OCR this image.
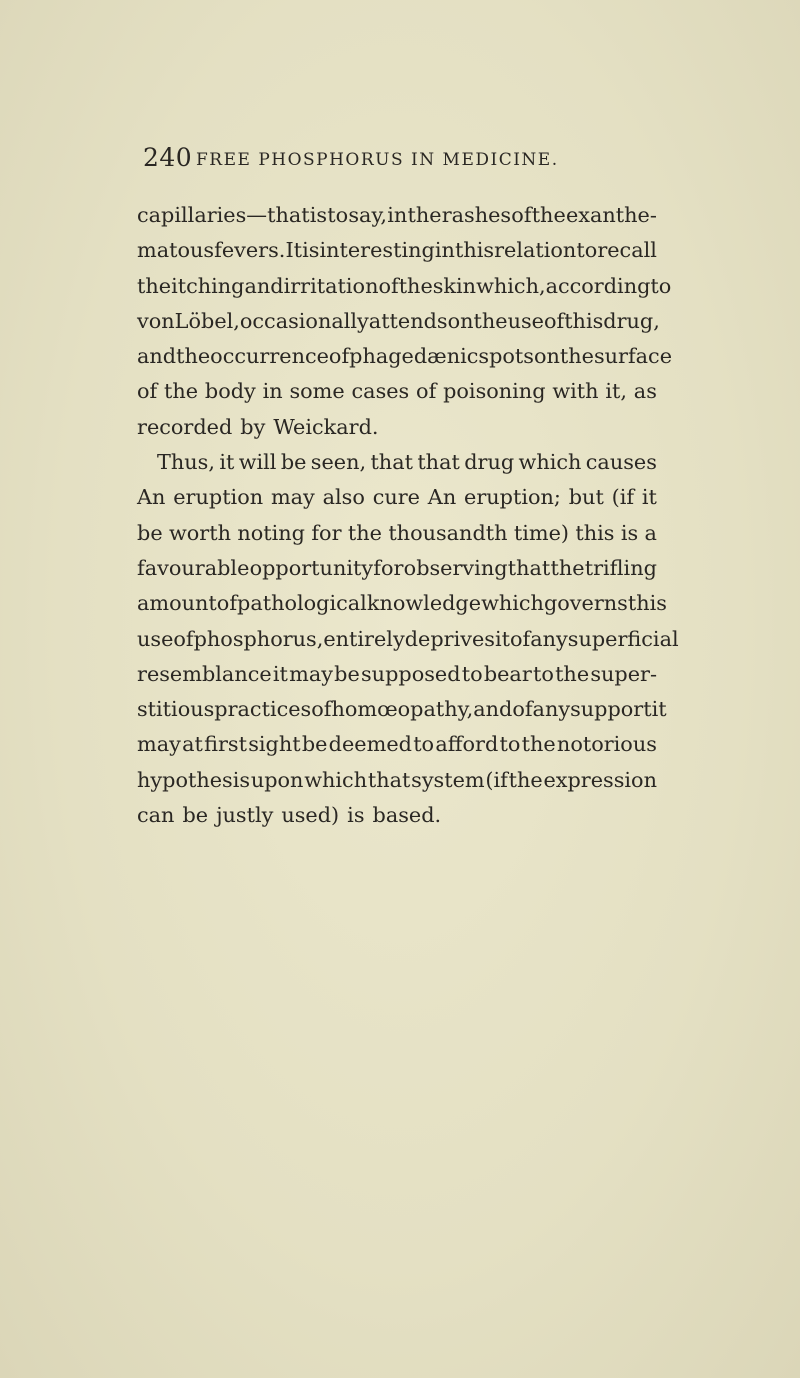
240 FREE PHOSPHORUS IN MEDICINE.
capillaries—that is to say, in the rashes of the exanthe-
matous fevers. It is interesting in this relation to recall
the itching and irritation of the skin which, according to
von Löbel, occasionally attends on the use of this drug,
and the occurrence of phagedænic spots on the surface
of the body in some cases of poisoning with it, as
recorded by Weickard.
Thus, it will be seen, that that drug which causes
An eruption may also cure An eruption; but (if it
be worth noting for the thousandth time) this is a
favourable opportunity for observing that the trifling
amount of pathological knowledge which governs this
use of phosphorus, entirely deprives it of any superficial
resemblance it may be supposed to bear to the super-
stitious practices of homœopathy, and of any support it
may at first sight be deemed to afford to the notorious
hypothesis upon which that system (if the expression
can be justly used) is based.
